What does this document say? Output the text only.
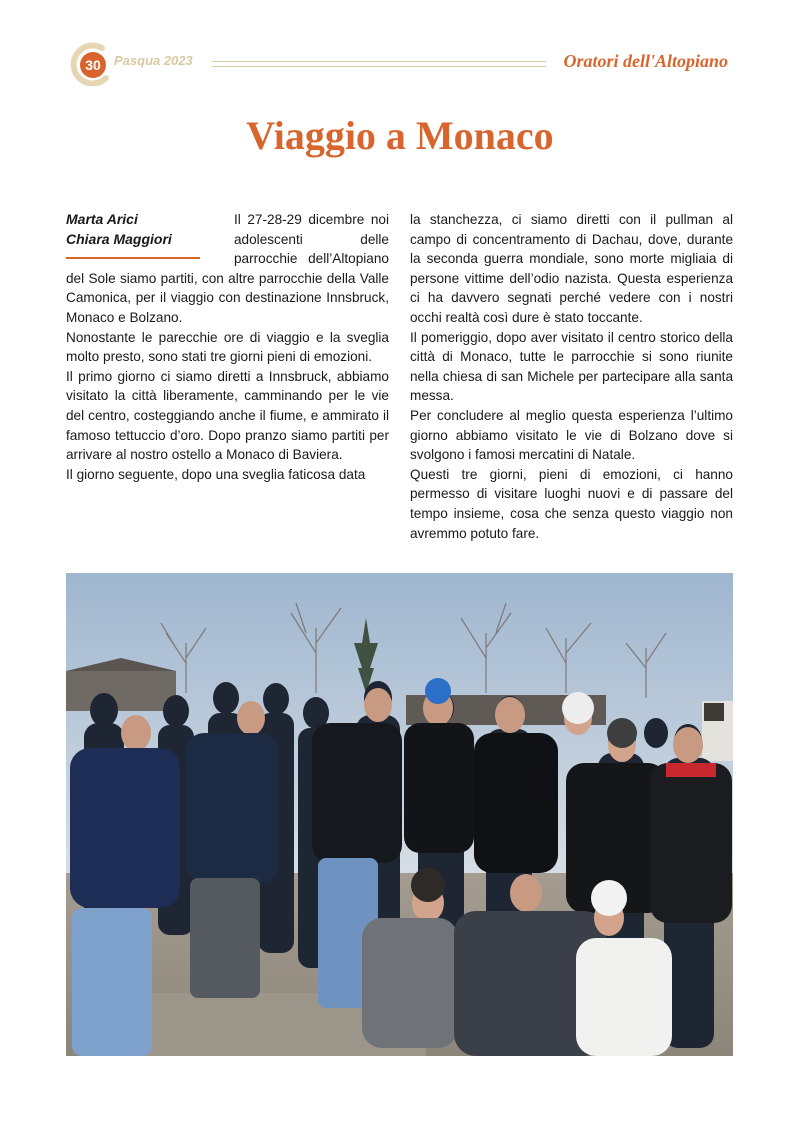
30	Pasqua 2023	Oratori dell'Altopiano
Viaggio a Monaco
Marta Arici
Chiara Maggiori

Il 27-28-29 dicembre noi adolescenti delle parrocchie dell’Altopiano del Sole siamo partiti, con altre parrocchie della Valle Camonica, per il viaggio con destinazione Innsbruck, Monaco e Bolzano.

Nonostante le parecchie ore di viaggio e la sveglia molto presto, sono stati tre giorni pieni di emozioni.

Il primo giorno ci siamo diretti a Innsbruck, abbiamo visitato la città liberamente, camminando per le vie del centro, costeggiando anche il fiume, e ammirato il famoso tettuccio d’oro. Dopo pranzo siamo partiti per arrivare al nostro ostello a Monaco di Baviera.

Il giorno seguente, dopo una sveglia faticosa data

la stanchezza, ci siamo diretti con il pullman al campo di concentramento di Dachau, dove, durante la seconda guerra mondiale, sono morte migliaia di persone vittime dell’odio nazista. Questa esperienza ci ha davvero segnati perché vedere con i nostri occhi realtà così dure è stato toccante.

Il pomeriggio, dopo aver visitato il centro storico della città di Monaco, tutte le parrocchie si sono riunite nella chiesa di san Michele per partecipare alla santa messa.

Per concludere al meglio questa esperienza l’ultimo giorno abbiamo visitato le vie di Bolzano dove si svolgono i famosi mercatini di Natale.

Questi tre giorni, pieni di emozioni, ci hanno permesso di visitare luoghi nuovi e di passare del tempo insieme, cosa che senza questo viaggio non avremmo potuto fare.
